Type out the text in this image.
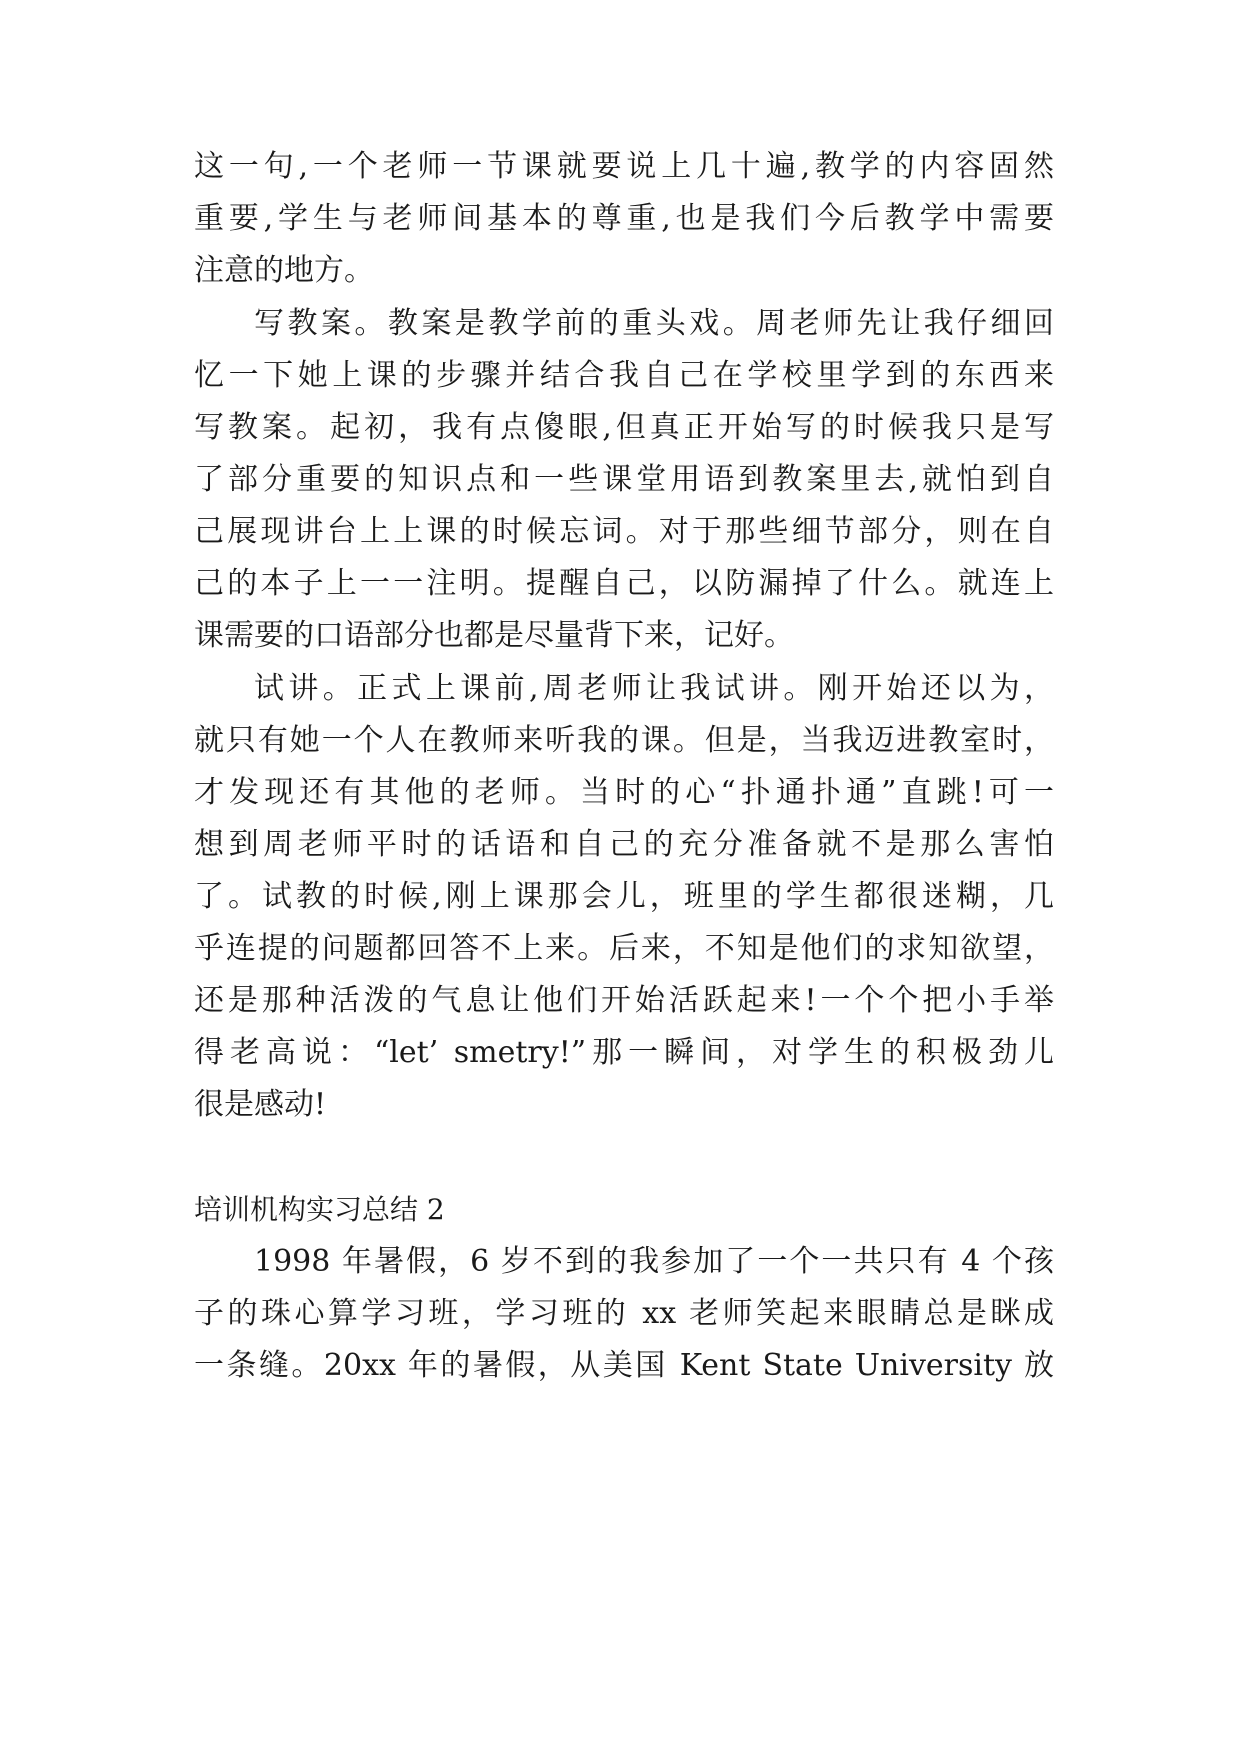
这一句,一个老师一节课就要说上几十遍,教学的内容固然
重要,学生与老师间基本的尊重,也是我们今后教学中需要
注意的地方。
写教案。教案是教学前的重头戏。周老师先让我仔细回
忆一下她上课的步骤并结合我自己在学校里学到的东西来
写教案。起初，我有点傻眼,但真正开始写的时候我只是写
了部分重要的知识点和一些课堂用语到教案里去,就怕到自
己展现讲台上上课的时候忘词。对于那些细节部分，则在自
己的本子上一一注明。提醒自己，以防漏掉了什么。就连上
课需要的口语部分也都是尽量背下来，记好。
试讲。正式上课前,周老师让我试讲。刚开始还以为，
就只有她一个人在教师来听我的课。但是，当我迈进教室时，
才发现还有其他的老师。当时的心“扑通扑通”直跳!可一
想到周老师平时的话语和自己的充分准备就不是那么害怕
了。试教的时候,刚上课那会儿，班里的学生都很迷糊，几
乎连提的问题都回答不上来。后来，不知是他们的求知欲望，
还是那种活泼的气息让他们开始活跃起来!一个个把小手举
得老高说：“let’ smetry!”那一瞬间，对学生的积极劲儿
很是感动!
培训机构实习总结 2
1998 年暑假，6 岁不到的我参加了一个一共只有 4 个孩
子的珠心算学习班，学习班的 xx 老师笑起来眼睛总是眯成
一条缝。20xx 年的暑假，从美国 Kent State University 放
